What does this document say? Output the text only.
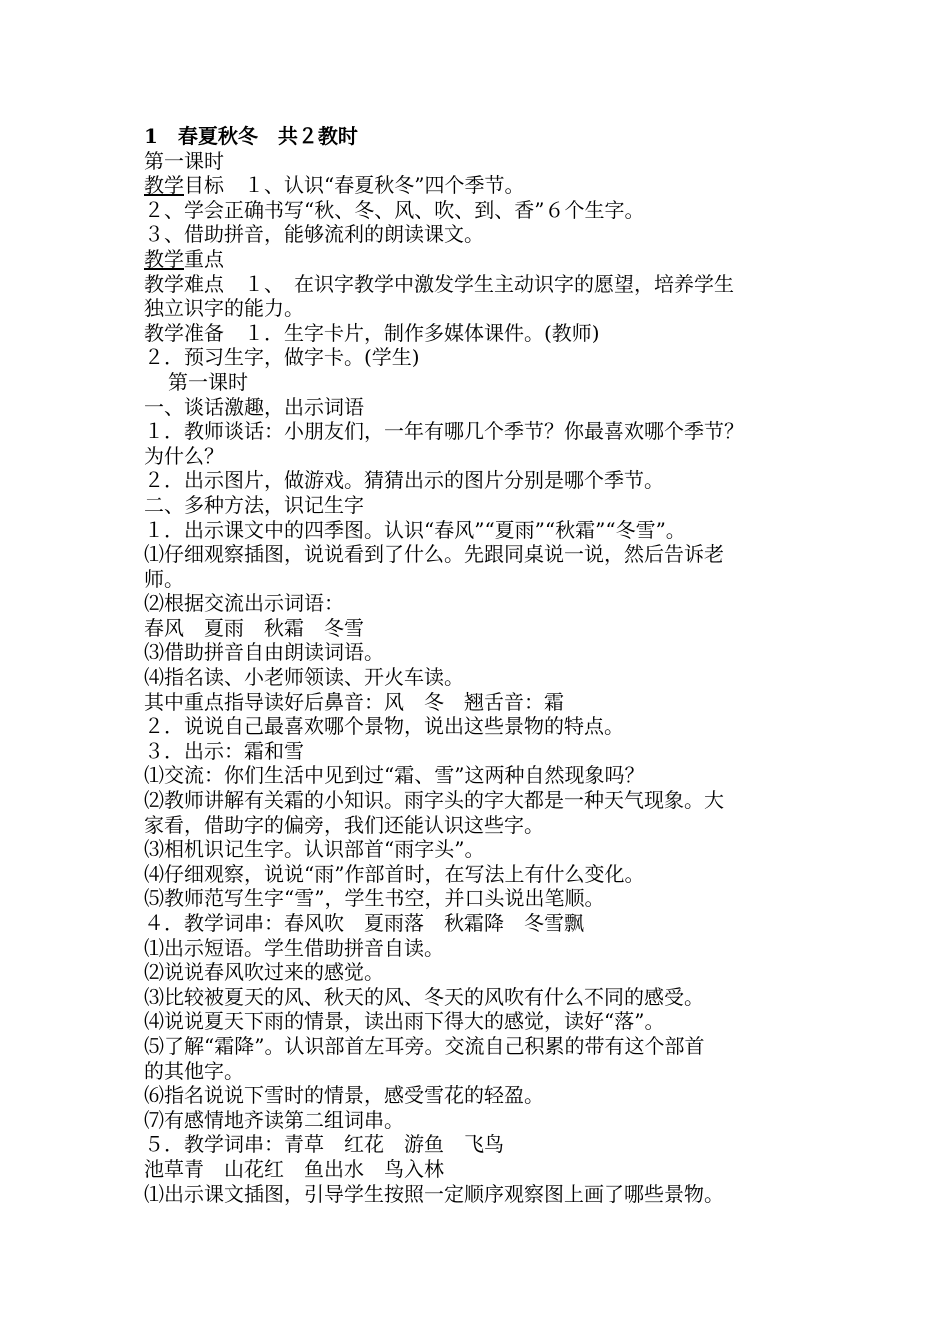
1　春夏秋冬　共２教时
第一课时
教学目标　１、认识“春夏秋冬”四个季节。
２、学会正确书写“秋、冬、风、吹、到、香”６个生字。
３、借助拼音，能够流利的朗读课文。
教学重点
教学难点　１、　在识字教学中激发学生主动识字的愿望，培养学生
独立识字的能力。
教学准备　１．生字卡片，制作多媒体课件。(教师)
２．预习生字，做字卡。(学生)
第一课时
一、谈话激趣，出示词语
１．教师谈话：小朋友们，一年有哪几个季节？你最喜欢哪个季节？
为什么？
２．出示图片，做游戏。猜猜出示的图片分别是哪个季节。
二、多种方法，识记生字
１．出示课文中的四季图。认识“春风”“夏雨”“秋霜”“冬雪”。
⑴仔细观察插图，说说看到了什么。先跟同桌说一说，然后告诉老
师。
⑵根据交流出示词语：
春风　夏雨　秋霜　冬雪
⑶借助拼音自由朗读词语。
⑷指名读、小老师领读、开火车读。
其中重点指导读好后鼻音：风　冬　翘舌音：霜
２．说说自己最喜欢哪个景物，说出这些景物的特点。
３．出示：霜和雪
⑴交流：你们生活中见到过“霜、雪”这两种自然现象吗？
⑵教师讲解有关霜的小知识。雨字头的字大都是一种天气现象。大
家看，借助字的偏旁，我们还能认识这些字。
⑶相机识记生字。认识部首“雨字头”。
⑷仔细观察，说说“雨”作部首时，在写法上有什么变化。
⑸教师范写生字“雪”，学生书空，并口头说出笔顺。
４．教学词串：春风吹　夏雨落　秋霜降　冬雪飘
⑴出示短语。学生借助拼音自读。
⑵说说春风吹过来的感觉。
⑶比较被夏天的风、秋天的风、冬天的风吹有什么不同的感受。
⑷说说夏天下雨的情景，读出雨下得大的感觉，读好“落”。
⑸了解“霜降”。认识部首左耳旁。交流自己积累的带有这个部首
的其他字。
⑹指名说说下雪时的情景，感受雪花的轻盈。
⑺有感情地齐读第二组词串。
５．教学词串：青草　红花　游鱼　飞鸟
池草青　山花红　鱼出水　鸟入林
⑴出示课文插图，引导学生按照一定顺序观察图上画了哪些景物。
